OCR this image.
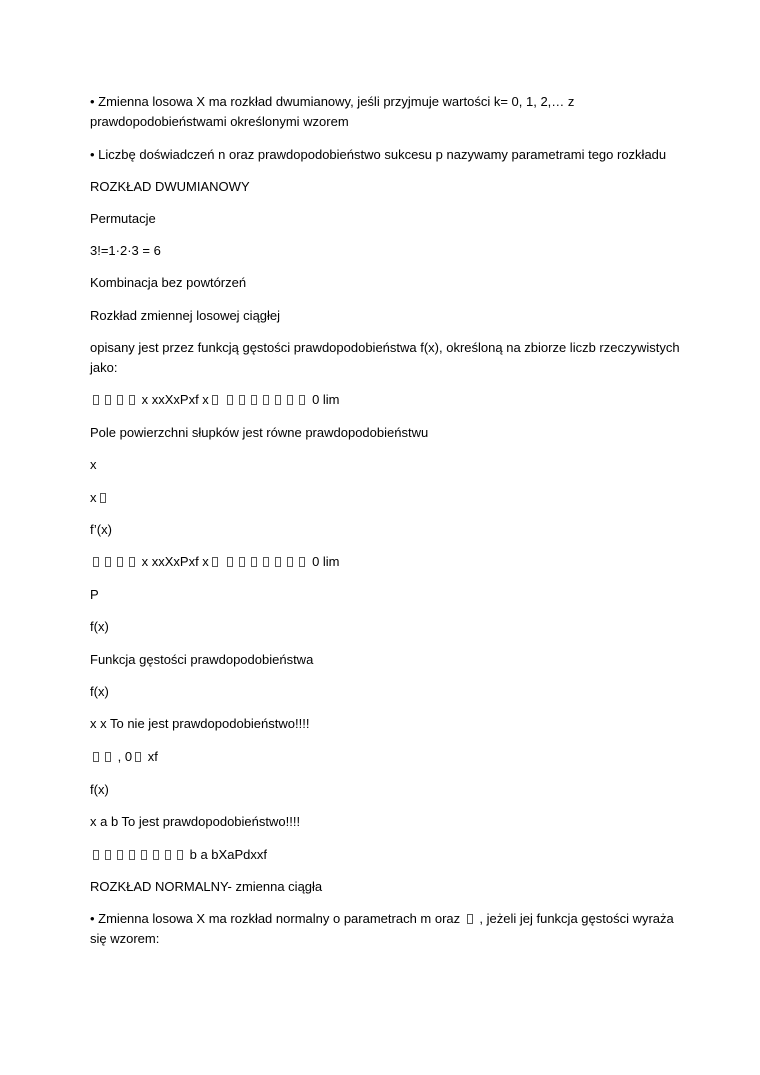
• Zmienna losowa X ma rozkład dwumianowy, jeśli przyjmuje wartości k= 0, 1, 2,… z prawdopodobieństwami określonymi wzorem
• Liczbę doświadczeń n oraz prawdopodobieństwo sukcesu p nazywamy parametrami tego rozkładu
ROZKŁAD DWUMIANOWY
Permutacje
3!=1·2·3 = 6
Kombinacja bez powtórzeń
Rozkład zmiennej losowej ciągłej
opisany jest przez funkcją gęstości prawdopodobieństwa f(x), określoną na zbiorze liczb rzeczywistych jako:
x xxXxPxf x	0 lim
Pole powierzchni słupków jest równe prawdopodobieństwu
x
x
f’(x)
x xxXxPxf x	0 lim
P
f(x)
Funkcja gęstości prawdopodobieństwa
f(x)
x x To nie jest prawdopodobieństwo!!!!
, 0 xf
f(x)
x a b To jest prawdopodobieństwo!!!!
b a bXaPdxxf
ROZKŁAD NORMALNY- zmienna ciągła
• Zmienna losowa X ma rozkład normalny o parametrach m oraz , jeżeli jej funkcja gęstości wyraża się wzorem:
